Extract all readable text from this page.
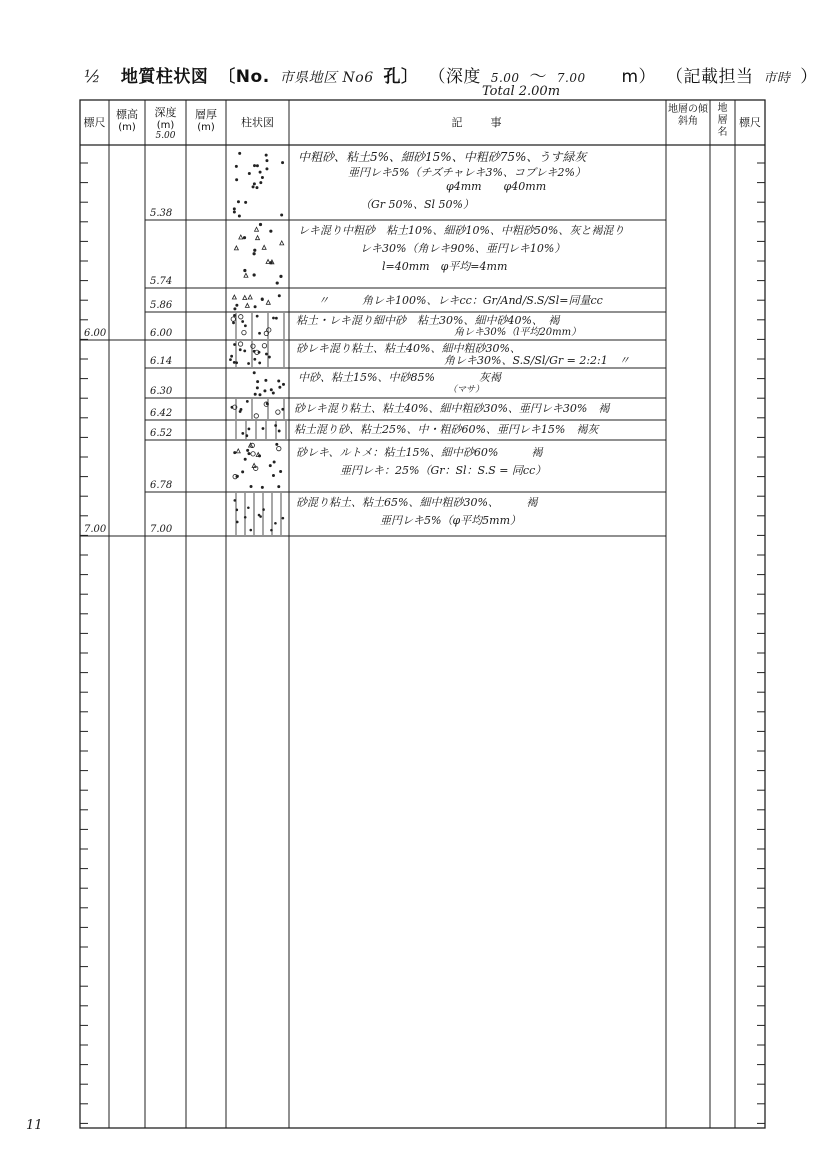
½ 地質柱状図 〔No. 市県地区 No6 孔〕 （深度 5.00 〜 7.00 m） （記載担当 市時 ）
Total 2.00m
標尺
標高
(m)
深度
(m)
5.00
層厚
(m)	柱状図	記　　事
地層の傾斜角
地層名
標尺
6.00
7.00
5.38
5.74
5.86
6.00
6.14
6.30
6.42
6.52
6.78
7.00
中粗砂、粘土5%、細砂15%、中粗砂75%、うす緑灰
亜円レキ5%（チズチャレキ3%、コブレキ2%）
φ4mm　　φ40mm
（Gr 50%、Sl 50%）
レキ混り中粗砂　粘土10%、細砂10%、中粗砂50%、灰と褐混り
レキ30%（角レキ90%、亜円レキ10%）
l=40mm　φ平均=4mm
〃　　　角レキ100%、レキcc：Gr/And/S.S/Sl=同量cc
粘土・レキ混り細中砂　粘土30%、細中砂40%、　褐
角レキ30%（l平均20mm）
砂レキ混り粘土、粘土40%、細中粗砂30%、
角レキ30%、S.S/Sl/Gr = 2:2:1　〃
中砂、粘土15%、中砂85%　　　　灰褐
（マサ）
砂レキ混り粘土、粘土40%、細中粗砂30%、亜円レキ30%　褐
粘土混り砂、粘土25%、中・粗砂60%、亜円レキ15%　褐灰
砂レキ、ルトメ：粘土15%、細中砂60%　　　褐
亜円レキ：25%（Gr：Sl：S.S = 同cc）
砂混り粘土、粘土65%、細中粗砂30%、　　　褐
亜円レキ5%（φ平均5mm）
11
